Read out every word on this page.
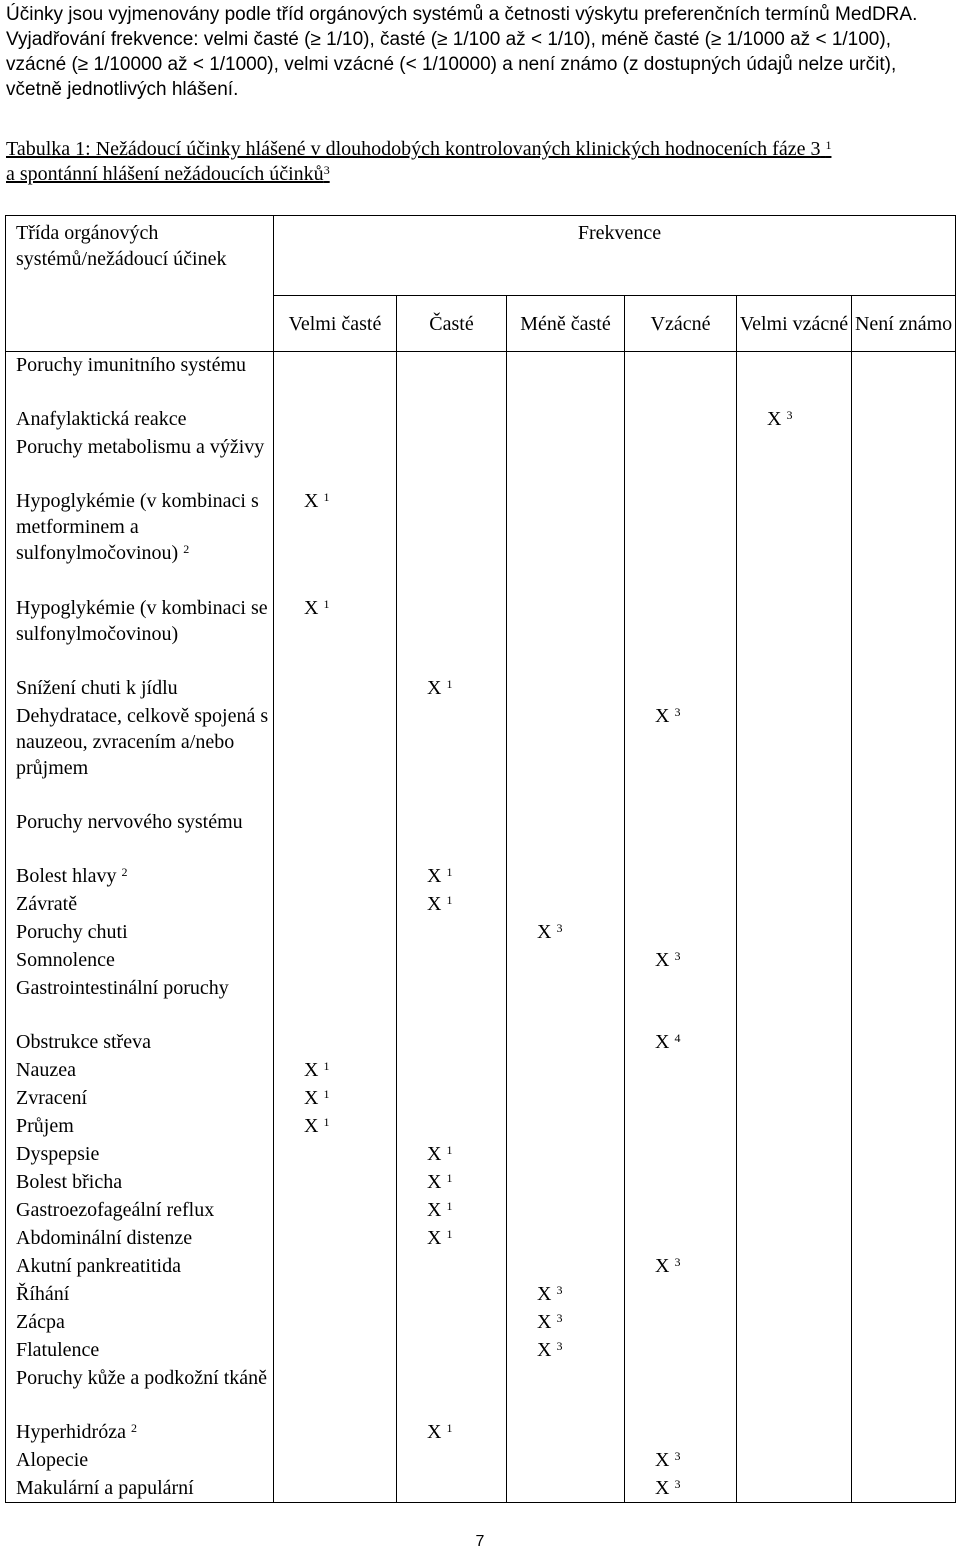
Účinky jsou vyjmenovány podle tříd orgánových systémů a četnosti výskytu preferenčních termínů MedDRA. Vyjadřování frekvence: velmi časté (≥ 1/10), časté (≥ 1/100 až < 1/10), méně časté (≥ 1/1000 až < 1/100), vzácné (≥ 1/10000 až < 1/1000), velmi vzácné (< 1/10000) a není známo (z dostupných údajů nelze určit), včetně jednotlivých hlášení.
Tabulka 1: Nežádoucí účinky hlášené v dlouhodobých kontrolovaných klinických hodnoceních fáze 3 $^1$
a spontánní hlášení nežádoucích účinků$^3$
Třída orgánových systémů/nežádoucí účinek	Frekvence					
	Velmi časté	Časté	Méně časté	Vzácné	Velmi vzácné	Není známo
Poruchy imunitního systému						
Anafylaktická reakce					X $^3$	
Poruchy metabolismu a výživy						
Hypoglykémie (v kombinaci s metforminem a sulfonylmočovinou) $^2$	X $^1$					
Hypoglykémie (v kombinaci se sulfonylmočovinou)	X $^1$					
Snížení chuti k jídlu		X $^1$				
Dehydratace, celkově spojená s nauzeou, zvracením a/nebo průjmem				X $^3$		
Poruchy nervového systému						
Bolest hlavy $^2$		X $^1$				
Závratě		X $^1$				
Poruchy chuti			X $^3$			
Somnolence				X $^3$		
Gastrointestinální poruchy						
Obstrukce střeva				X $^4$		
Nauzea	X $^1$					
Zvracení	X $^1$					
Průjem	X $^1$					
Dyspepsie		X $^1$				
Bolest břicha		X $^1$				
Gastroezofageální reflux		X $^1$				
Abdominální distenze		X $^1$				
Akutní pankreatitida				X $^3$		
Říhání			X $^3$			
Zácpa			X $^3$			
Flatulence			X $^3$			
Poruchy kůže a podkožní tkáně						
Hyperhidróza $^2$		X $^1$				
Alopecie				X $^3$		
Makulární a papulární				X $^3$		
7
